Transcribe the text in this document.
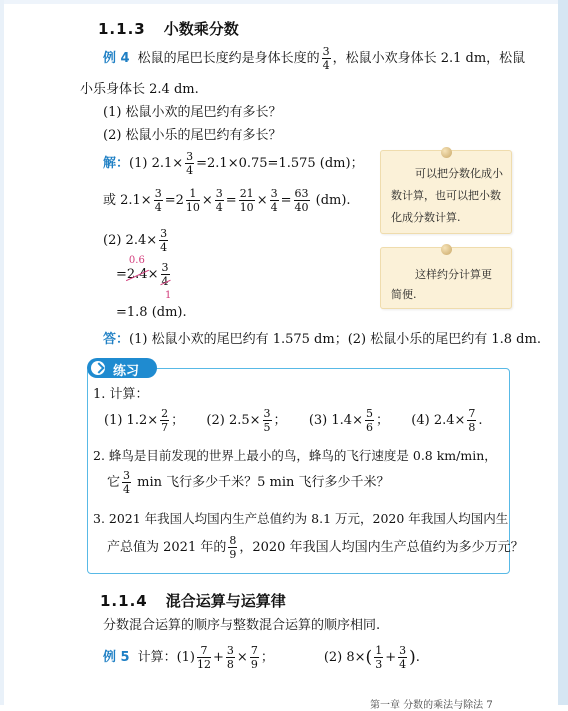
1.1.3 小数乘分数
例 4 松鼠的尾巴长度约是身体长度的 $\frac{3}{4}$ ，松鼠小欢身体长 2.1 dm，松鼠
小乐身体长 2.4 dm.
(1) 松鼠小欢的尾巴约有多长？
(2) 松鼠小乐的尾巴约有多长？
解：(1) $2.1\times \frac{3}{4} =2.1\times 0.75=1.575$ (dm)；
或 $2.1\times \frac{3}{4} =2 \frac{1}{10} \times \frac{3}{4} = \frac{21}{10} \times \frac{3}{4} = \frac{63}{40} (dm)$.
(2) $2.4\times \frac{3}{4}$
=
0.6
$2.4\times \frac{3}{4}$
1
=1.8 (dm).
答：(1) 松鼠小欢的尾巴约有 1.575 dm；(2) 松鼠小乐的尾巴约有 1.8 dm.
可以把分数化成小
数计算，也可以把小数
化成分数计算.
这样约分计算更
简便.
练习
1. 计算：
(1) $1.2\times \frac{2}{7}$ ； (2) $2.5\times \frac{3}{5}$ ； (3) $1.4\times \frac{5}{6}$ ； (4) $2.4\times \frac{7}{8}$ .
2. 蜂鸟是目前发现的世界上最小的鸟，蜂鸟的飞行速度是 0.8 km/min，
它 $\frac{3}{4}$ min 飞行多少千米？5 min 飞行多少千米？
3. 2021 年我国人均国内生产总值约为 8.1 万元，2020 年我国人均国内生
产总值为 2021 年的 $\frac{8}{9}$ ，2020 年我国人均国内生产总值约为多少万元？
1.1.4 混合运算与运算律
分数混合运算的顺序与整数混合运算的顺序相同.
例 5 计算：$(1) \frac{7}{12} + \frac{3}{8} \times \frac{7}{9}$ ；	(2) $8\times( \frac{1}{3} + \frac{3}{4}$ ).
第一章 分数的乘法与除法 7
